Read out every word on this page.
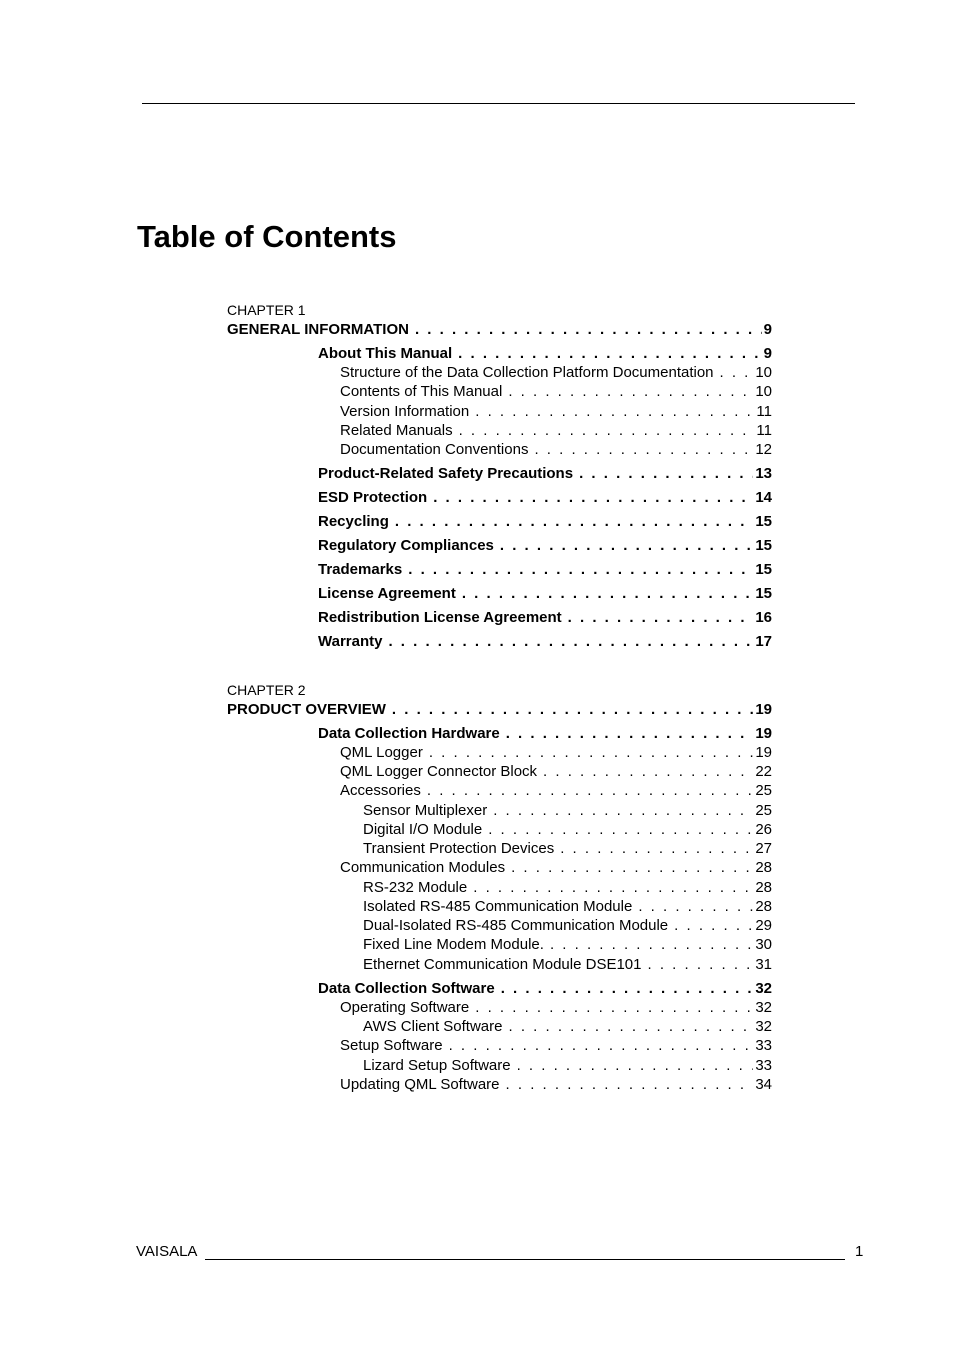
Table of Contents
CHAPTER 1
GENERAL INFORMATION . . .	9
About This Manual . . .	9
Structure of the Data Collection Platform Documentation . . .	10
Contents of This Manual . . .	10
Version Information . . .	11
Related Manuals . . .	11
Documentation Conventions . . .	12
Product-Related Safety Precautions . . .	13
ESD Protection . . .	14
Recycling . . .	15
Regulatory Compliances . . .	15
Trademarks . . .	15
License Agreement . . .	15
Redistribution License Agreement . . .	16
Warranty . . .	17
CHAPTER 2
PRODUCT OVERVIEW . . .	19
Data Collection Hardware . . .	19
QML Logger . . .	19
QML Logger Connector Block . . .	22
Accessories . . .	25
Sensor Multiplexer . . .	25
Digital I/O Module . . .	26
Transient Protection Devices . . .	27
Communication Modules . . .	28
RS-232 Module . . .	28
Isolated RS-485 Communication Module . . .	28
Dual-Isolated RS-485 Communication Module . . .	29
Fixed Line Modem Module. . . .	30
Ethernet Communication Module DSE101 . . .	31
Data Collection Software . . .	32
Operating Software . . .	32
AWS Client Software . . .	32
Setup Software . . .	33
Lizard Setup Software . . .	33
Updating QML Software . . .	34
VAISALA	1
